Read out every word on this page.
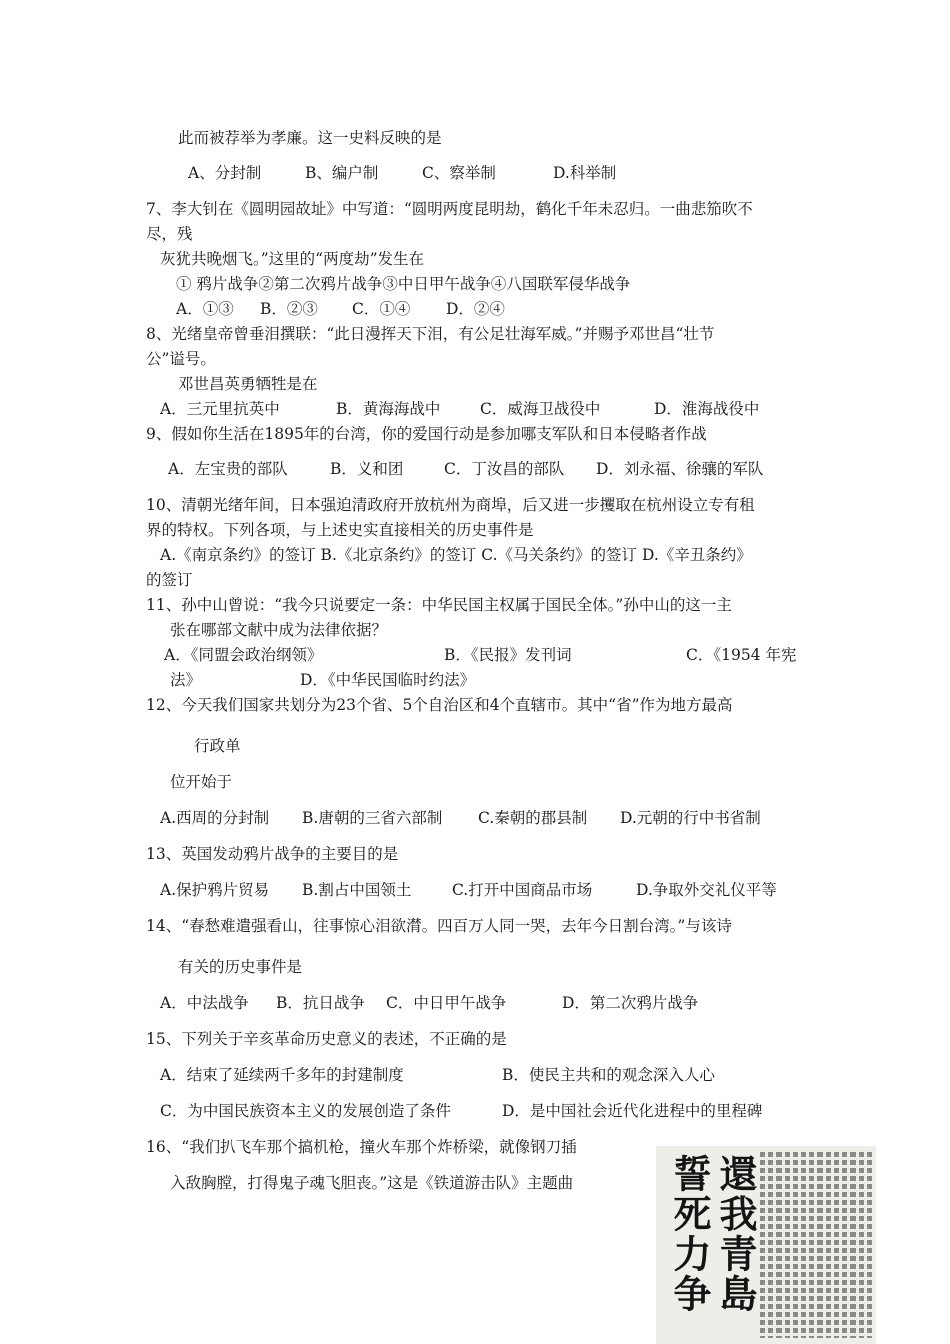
此而被荐举为孝廉。这一史料反映的是
A、分封制	B、编户制	C、察举制	D.科举制
7、李大钊在《圆明园故址》中写道：“圆明两度昆明劫，鹤化千年未忍归。一曲悲笳吹不
尽，残
灰犹共晚烟飞。”这里的“两度劫”发生在
① 鸦片战争②第二次鸦片战争③中日甲午战争④八国联军侵华战争
A．①③ B．②③ C．①④ D．②④
8、光绪皇帝曾垂泪撰联：“此日漫挥天下泪，有公足壮海军威。”并赐予邓世昌“壮节
公”谥号。
邓世昌英勇牺牲是在
A．三元里抗英中	B．黄海海战中	C．威海卫战役中	D．淮海战役中
9、假如你生活在1895年的台湾，你的爱国行动是参加哪支军队和日本侵略者作战
A．左宝贵的部队	B．义和团	C．丁汝昌的部队 D．刘永福、徐骧的军队
10、清朝光绪年间，日本强迫清政府开放杭州为商埠，后又进一步攫取在杭州设立专有租
界的特权。下列各项，与上述史实直接相关的历史事件是
A.《南京条约》的签订 B.《北京条约》的签订 C.《马关条约》的签订 D.《辛丑条约》
的签订
11、孙中山曾说：“我今只说要定一条：中华民国主权属于国民全体。”孙中山的这一主
张在哪部文献中成为法律依据？
A．《同盟会政治纲领》	B．《民报》发刊词	C．《1954 年宪
法》	D．《中华民国临时约法》
12、今天我们国家共划分为23个省、5个自治区和4个直辖市。其中“省”作为地方最高
行政单
位开始于
A.西周的分封制 B.唐朝的三省六部制 C.秦朝的郡县制 D.元朝的行中书省制
13、英国发动鸦片战争的主要目的是
A.保护鸦片贸易 B.割占中国领土	C.打开中国商品市场	D.争取外交礼仪平等
14、“春愁难遣强看山，往事惊心泪欲潸。四百万人同一哭，去年今日割台湾。”与该诗
有关的历史事件是
A．中法战争 B．抗日战争 C．中日甲午战争	D．第二次鸦片战争
15、下列关于辛亥革命历史意义的表述，不正确的是
A．结束了延续两千多年的封建制度	B．使民主共和的观念深入人心
C．为中国民族资本主义的发展创造了条件	D．是中国社会近代化进程中的里程碑
16、“我们扒飞车那个搞机枪，撞火车那个炸桥梁，就像钢刀插
入敌胸膛，打得鬼子魂飞胆丧。”这是《铁道游击队》主题曲 誓死力争 還我青島
